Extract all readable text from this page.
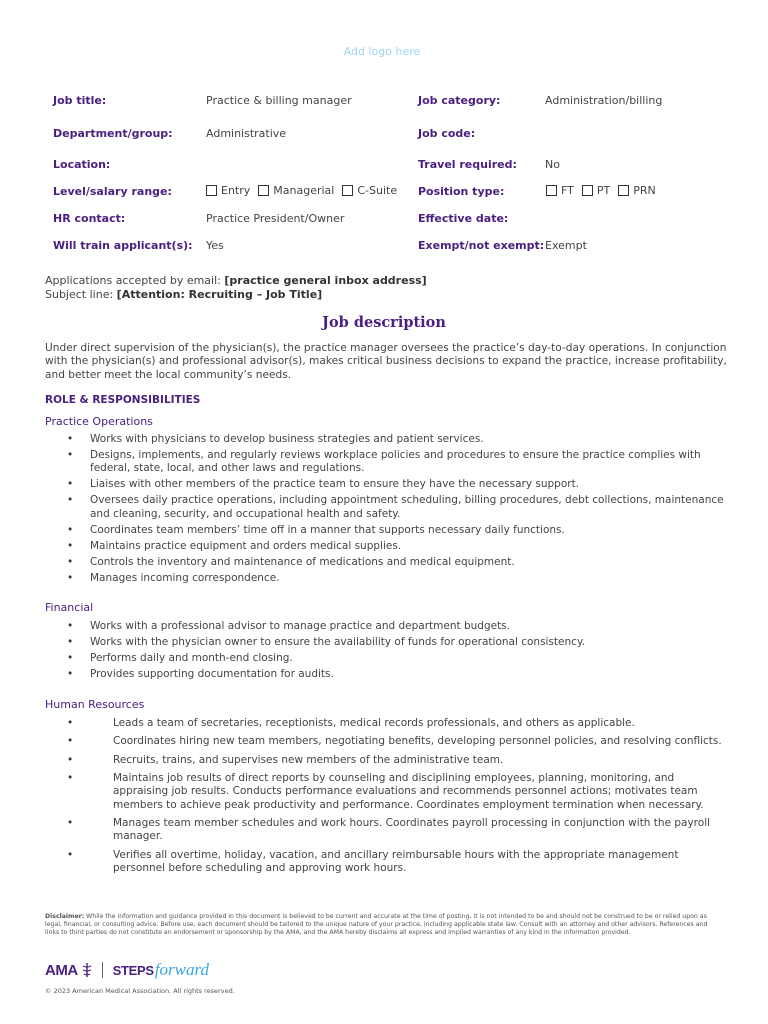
Add logo here
Job title:	Practice & billing manager	Job category:	Administration/billing
Department/group:	Administrative	Job code:
Location:	Travel required:	No
Level/salary range:	Entry Managerial C-Suite Position type:	FT PT PRN
HR contact:	Practice President/Owner	Effective date:
Will train applicant(s): Yes	Exempt/not exempt: Exempt
Applications accepted by email: [practice general inbox address]
Subject line: [Attention: Recruiting – Job Title]
Job description
Under direct supervision of the physician(s), the practice manager oversees the practice’s day-to-day operations. In conjunction with the physician(s) and professional advisor(s), makes critical business decisions to expand the practice, increase profitability, and better meet the local community’s needs.
ROLE & RESPONSIBILITIES
Practice Operations
• Works with physicians to develop business strategies and patient services.
• Designs, implements, and regularly reviews workplace policies and procedures to ensure the practice complies with federal, state, local, and other laws and regulations.
• Liaises with other members of the practice team to ensure they have the necessary support.
• Oversees daily practice operations, including appointment scheduling, billing procedures, debt collections, maintenance and cleaning, security, and occupational health and safety.
• Coordinates team members’ time off in a manner that supports necessary daily functions.
• Maintains practice equipment and orders medical supplies.
• Controls the inventory and maintenance of medications and medical equipment.
• Manages incoming correspondence.
Financial
• Works with a professional advisor to manage practice and department budgets.
• Works with the physician owner to ensure the availability of funds for operational consistency.
• Performs daily and month-end closing.
• Provides supporting documentation for audits.
Human Resources
• Leads a team of secretaries, receptionists, medical records professionals, and others as applicable.
• Coordinates hiring new team members, negotiating benefits, developing personnel policies, and resolving conflicts.
• Recruits, trains, and supervises new members of the administrative team.
• Maintains job results of direct reports by counseling and disciplining employees, planning, monitoring, and appraising job results. Conducts performance evaluations and recommends personnel actions; motivates team members to achieve peak productivity and performance. Coordinates employment termination when necessary.
• Manages team member schedules and work hours. Coordinates payroll processing in conjunction with the payroll manager.
• Verifies all overtime, holiday, vacation, and ancillary reimbursable hours with the appropriate management personnel before scheduling and approving work hours.
Disclaimer: While the information and guidance provided in this document is believed to be current and accurate at the time of posting, it is not intended to be and should not be construed to be or relied upon as legal, financial, or consulting advice. Before use, each document should be tailored to the unique nature of your practice, including applicable state law. Consult with an attorney and other advisors. References and links to third parties do not constitute an endorsement or sponsorship by the AMA, and the AMA hereby disclaims all express and implied warranties of any kind in the information provided.
AMA	STEPS forward
© 2023 American Medical Association. All rights reserved.
